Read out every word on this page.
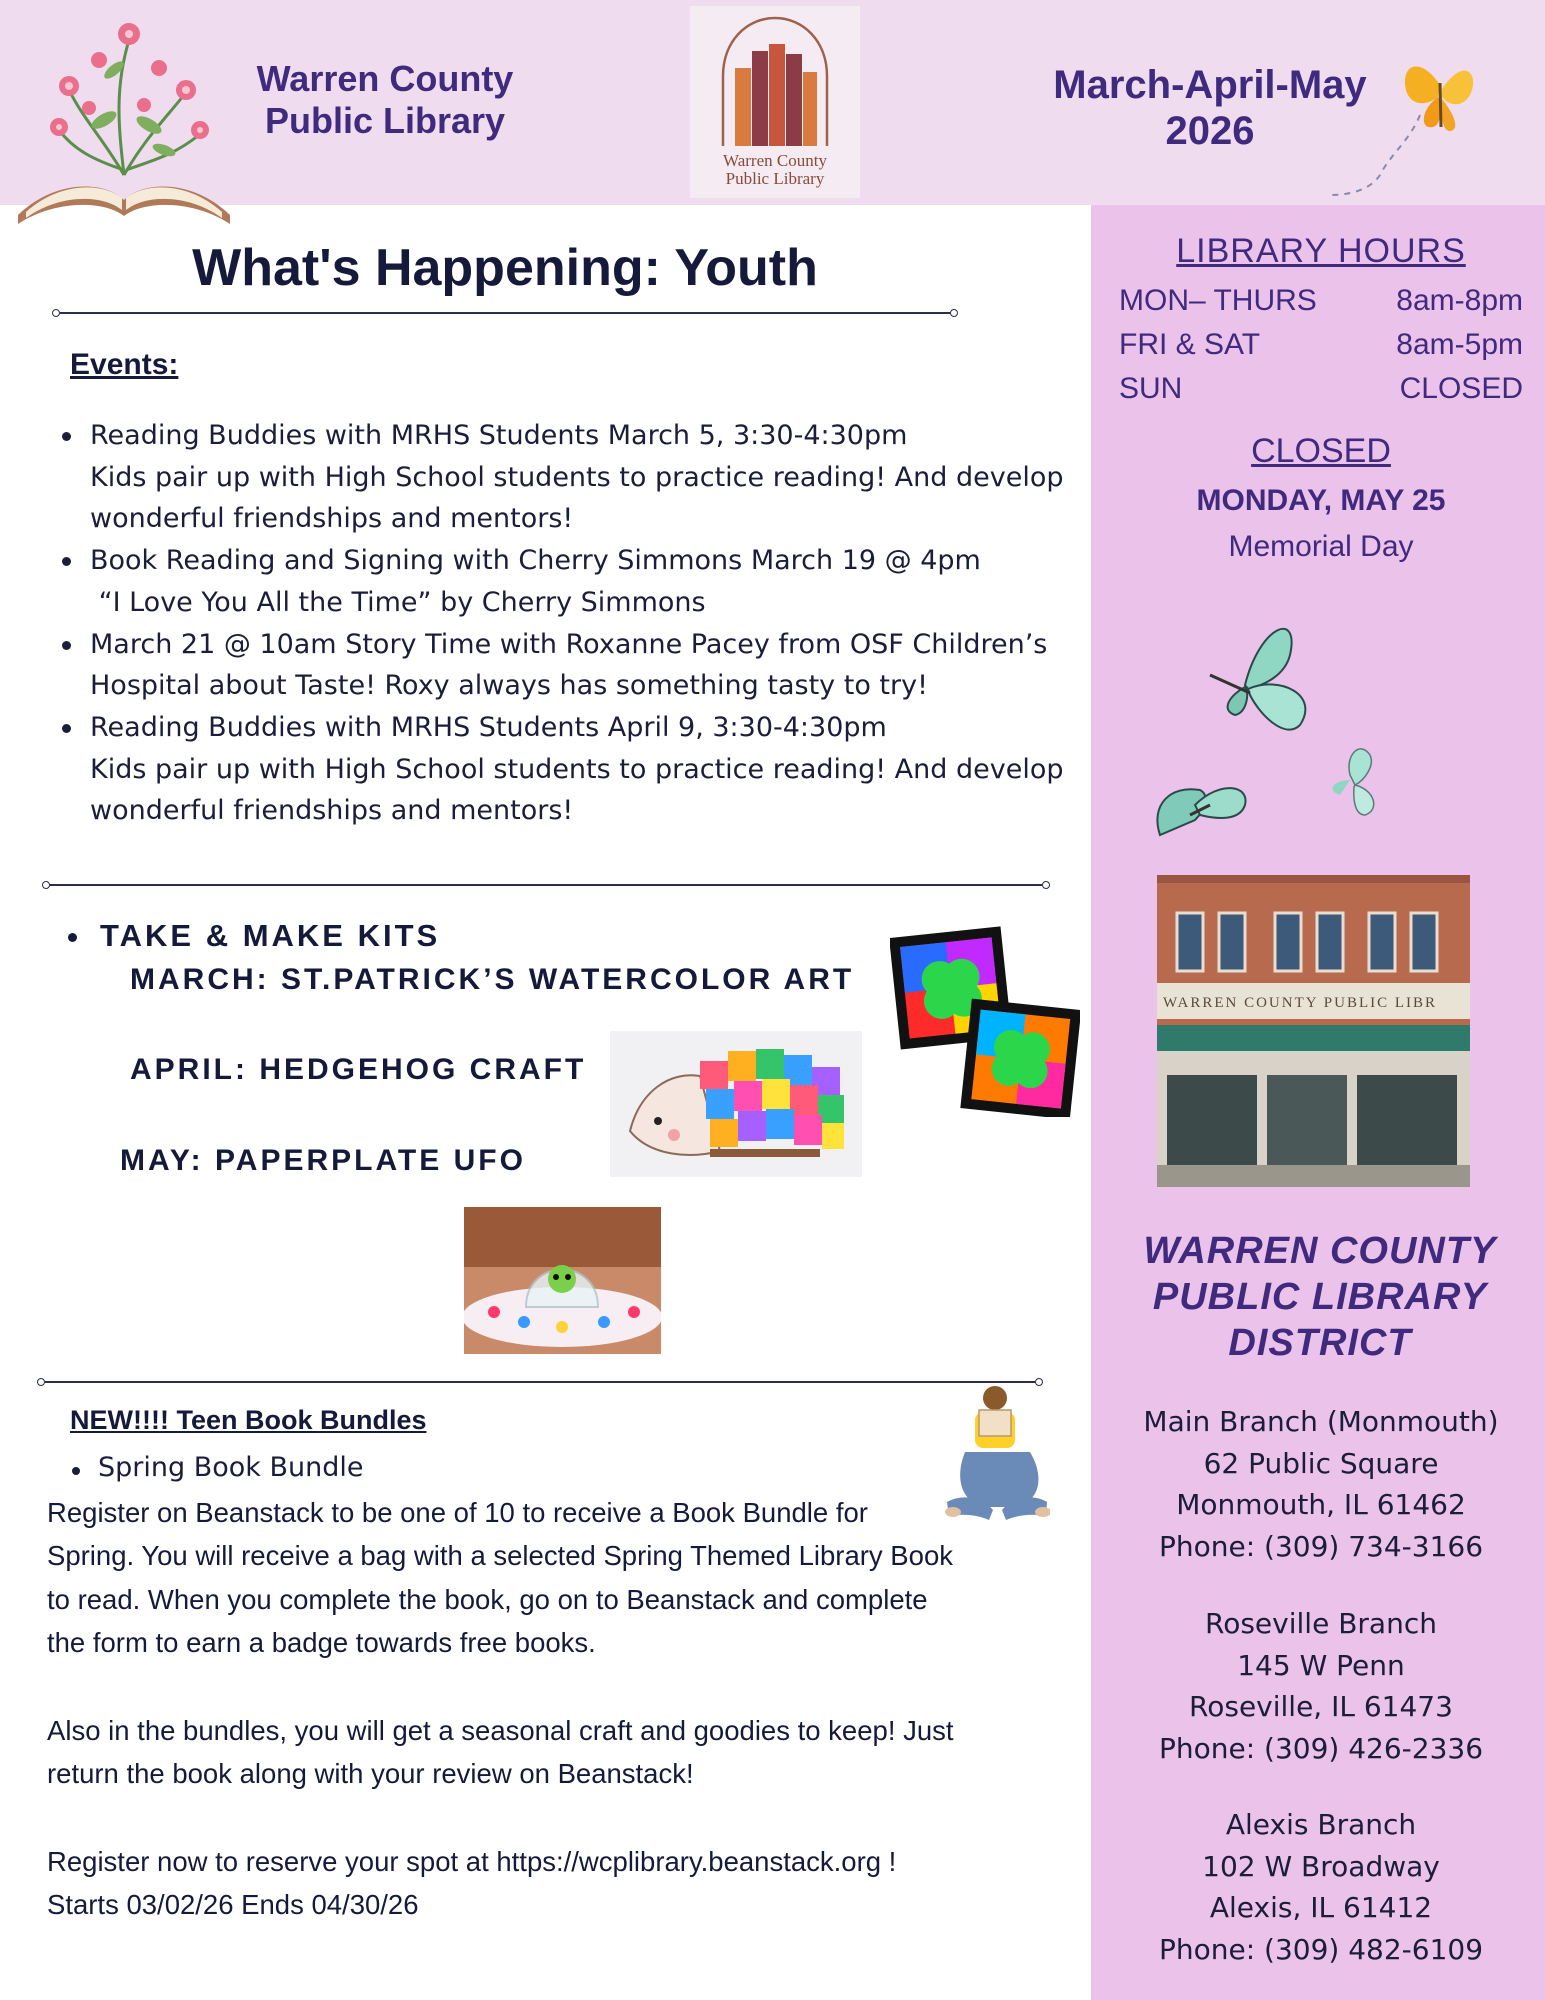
Warren County
Public Library
Warren County
Public Library
March-April-May
2026
LIBRARY HOURS
MON– THURS	8am-8pm
FRI & SAT	8am-5pm
SUN	CLOSED
CLOSED
MONDAY, MAY 25
Memorial Day
WARREN COUNTY PUBLIC LIBR
WARREN COUNTY
PUBLIC LIBRARY
DISTRICT
Main Branch (Monmouth)
62 Public Square
Monmouth, IL 61462
Phone: (309) 734-3166
Roseville Branch
145 W Penn
Roseville, IL 61473
Phone: (309) 426-2336
Alexis Branch
102 W Broadway
Alexis, IL 61412
Phone: (309) 482-6109
What's Happening: Youth
Events:
Reading Buddies with MRHS Students March 5, 3:30-4:30pm
Kids pair up with High School students to practice reading! And develop
wonderful friendships and mentors!
Book Reading and Signing with Cherry Simmons March 19 @ 4pm
“I Love You All the Time” by Cherry Simmons
March 21 @ 10am Story Time with Roxanne Pacey from OSF Children’s
Hospital about Taste! Roxy always has something tasty to try!
Reading Buddies with MRHS Students April 9, 3:30-4:30pm
Kids pair up with High School students to practice reading! And develop
wonderful friendships and mentors!
TAKE & MAKE KITS
MARCH: ST.PATRICK’S WATERCOLOR ART
APRIL: HEDGEHOG CRAFT
MAY: PAPERPLATE UFO
NEW!!!! Teen Book Bundles
Spring Book Bundle
Register on Beanstack to be one of 10 to receive a Book Bundle for
Spring. You will receive a bag with a selected Spring Themed Library Book
to read. When you complete the book, go on to Beanstack and complete
the form to earn a badge towards free books.
Also in the bundles, you will get a seasonal craft and goodies to keep! Just
return the book along with your review on Beanstack!
Register now to reserve your spot at https://wcplibrary.beanstack.org !
Starts 03/02/26 Ends 04/30/26
